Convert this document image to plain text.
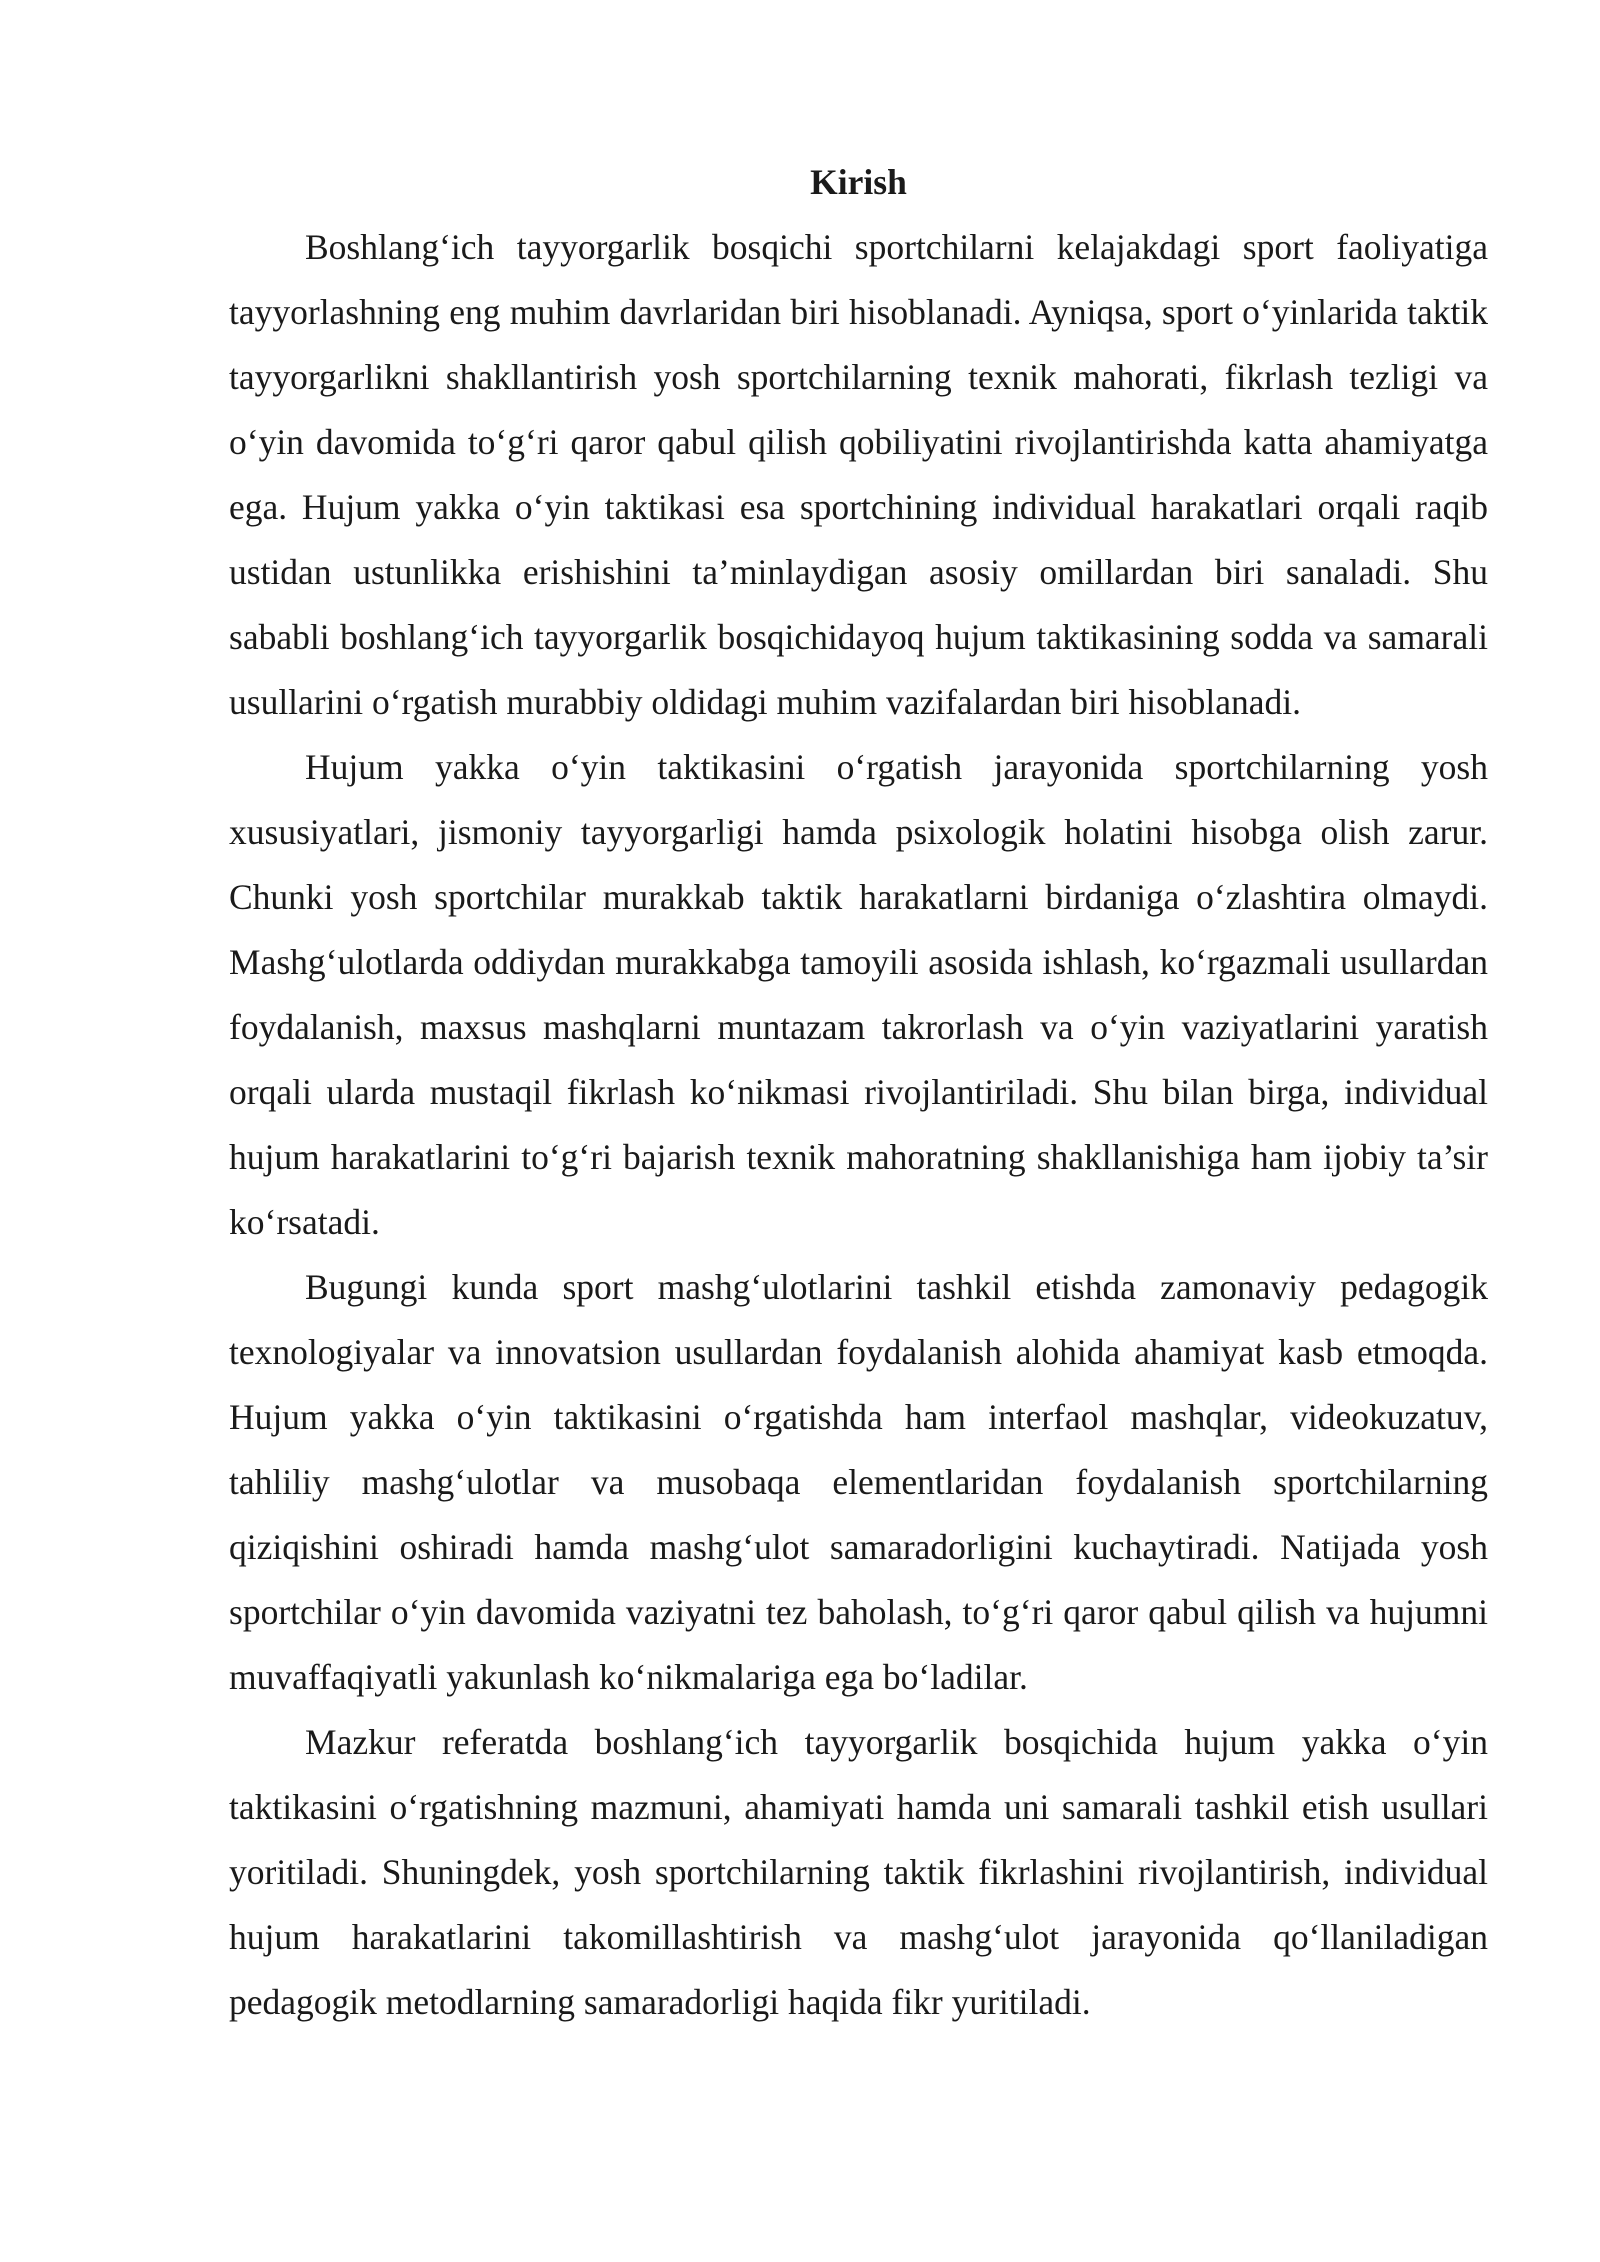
Kirish

Boshlang‘ich tayyorgarlik bosqichi sportchilarni kelajakdagi sport faoliyatiga tayyorlashning eng muhim davrlaridan biri hisoblanadi. Ayniqsa, sport o‘yinlarida taktik tayyorgarlikni shakllantirish yosh sportchilarning texnik mahorati, fikrlash tezligi va o‘yin davomida to‘g‘ri qaror qabul qilish qobiliyatini rivojlantirishda katta ahamiyatga ega. Hujum yakka o‘yin taktikasi esa sportchining individual harakatlari orqali raqib ustidan ustunlikka erishishini ta’minlaydigan asosiy omillardan biri sanaladi. Shu sababli boshlang‘ich tayyorgarlik bosqichidayoq hujum taktikasining sodda va samarali usullarini o‘rgatish murabbiy oldidagi muhim vazifalardan biri hisoblanadi.

Hujum yakka o‘yin taktikasini o‘rgatish jarayonida sportchilarning yosh xususiyatlari, jismoniy tayyorgarligi hamda psixologik holatini hisobga olish zarur. Chunki yosh sportchilar murakkab taktik harakatlarni birdaniga o‘zlashtira olmaydi. Mashg‘ulotlarda oddiydan murakkabga tamoyili asosida ishlash, ko‘rgazmali usullardan foydalanish, maxsus mashqlarni muntazam takrorlash va o‘yin vaziyatlarini yaratish orqali ularda mustaqil fikrlash ko‘nikmasi rivojlantiriladi. Shu bilan birga, individual hujum harakatlarini to‘g‘ri bajarish texnik mahoratning shakllanishiga ham ijobiy ta’sir ko‘rsatadi.

Bugungi kunda sport mashg‘ulotlarini tashkil etishda zamonaviy pedagogik texnologiyalar va innovatsion usullardan foydalanish alohida ahamiyat kasb etmoqda. Hujum yakka o‘yin taktikasini o‘rgatishda ham interfaol mashqlar, videokuzatuv, tahliliy mashg‘ulotlar va musobaqa elementlaridan foydalanish sportchilarning qiziqishini oshiradi hamda mashg‘ulot samaradorligini kuchaytiradi. Natijada yosh sportchilar o‘yin davomida vaziyatni tez baholash, to‘g‘ri qaror qabul qilish va hujumni muvaffaqiyatli yakunlash ko‘nikmalariga ega bo‘ladilar.

Mazkur referatda boshlang‘ich tayyorgarlik bosqichida hujum yakka o‘yin taktikasini o‘rgatishning mazmuni, ahamiyati hamda uni samarali tashkil etish usullari yoritiladi. Shuningdek, yosh sportchilarning taktik fikrlashini rivojlantirish, individual hujum harakatlarini takomillashtirish va mashg‘ulot jarayonida qo‘llaniladigan pedagogik metodlarning samaradorligi haqida fikr yuritiladi.
